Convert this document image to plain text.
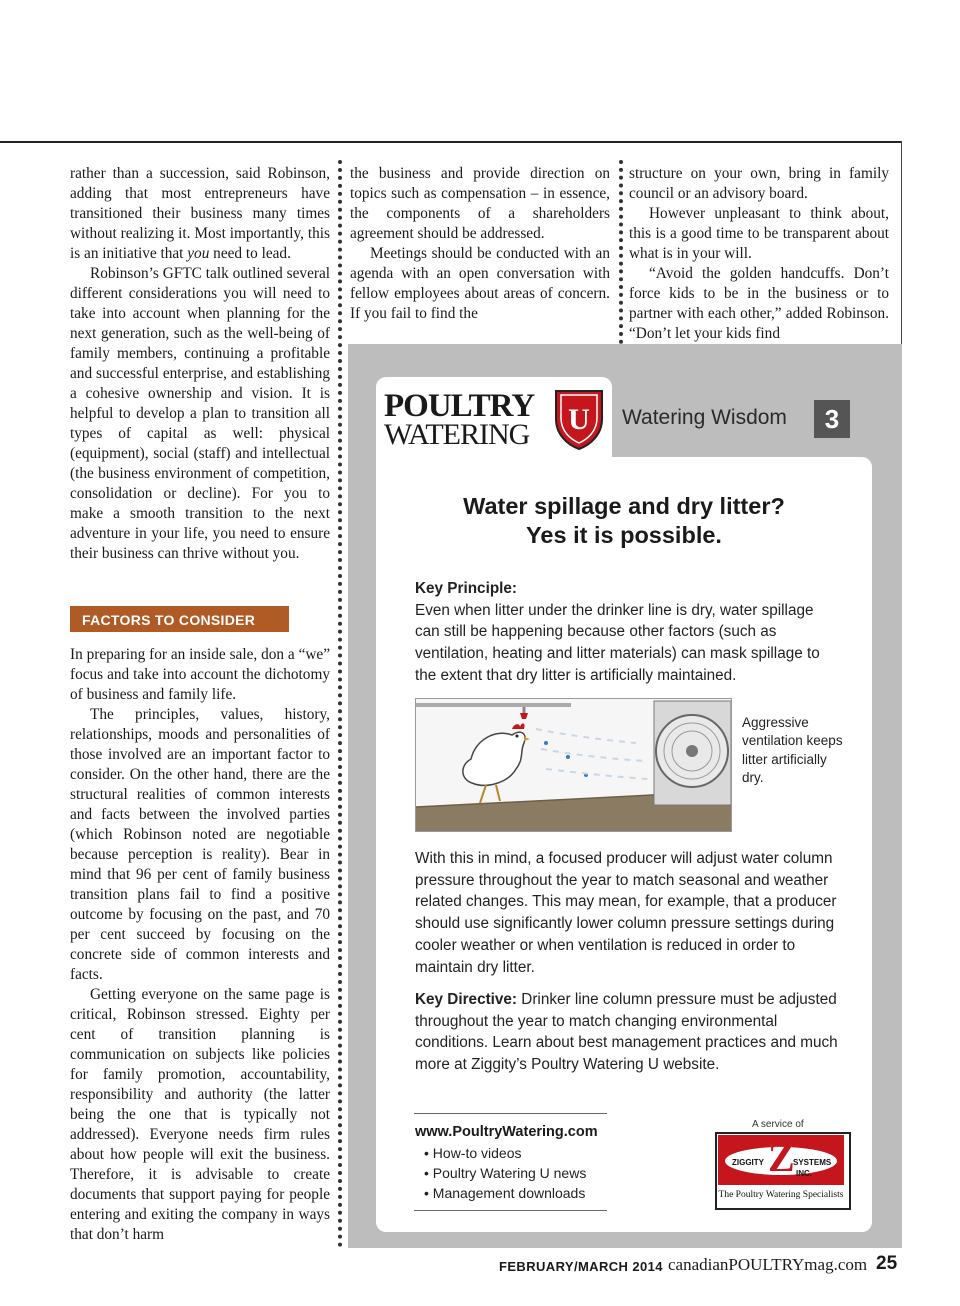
rather than a succession, said Robinson, adding that most entrepreneurs have transitioned their business many times without realizing it. Most importantly, this is an initiative that you need to lead.

Robinson’s GFTC talk outlined several different considerations you will need to take into account when planning for the next generation, such as the well-being of family members, continuing a profitable and successful enterprise, and establishing a cohesive ownership and vision. It is helpful to develop a plan to transition all types of capital as well: physical (equipment), social (staff) and intellectual (the business environment of competition, consolidation or decline). For you to make a smooth transition to the next adventure in your life, you need to ensure their business can thrive without you.

FACTORS TO CONSIDER

In preparing for an inside sale, don a “we” focus and take into account the dichotomy of business and family life.

The principles, values, history, relationships, moods and personalities of those involved are an important factor to consider. On the other hand, there are the structural realities of common interests and facts between the involved parties (which Robinson noted are negotiable because perception is reality). Bear in mind that 96 per cent of family business transition plans fail to find a positive outcome by focusing on the past, and 70 per cent succeed by focusing on the concrete side of common interests and facts.

Getting everyone on the same page is critical, Robinson stressed. Eighty per cent of transition planning is communication on subjects like policies for family promotion, accountability, responsibility and authority (the latter being the one that is typically not addressed). Everyone needs firm rules about how people will exit the business. Therefore, it is advisable to create documents that support paying for people entering and exiting the company in ways that don’t harm

the business and provide direction on topics such as compensation – in essence, the components of a shareholders agreement should be addressed.

Meetings should be conducted with an agenda with an open conversation with fellow employees about areas of concern. If you fail to find the

structure on your own, bring in family council or an advisory board.

However unpleasant to think about, this is a good time to be transparent about what is in your will.

“Avoid the golden handcuffs. Don’t force kids to be in the business or to partner with each other,” added Robinson. “Don’t let your kids find

POULTRY
WATERING U Watering Wisdom	3
Water spillage and dry litter?
Yes it is possible.
Key Principle:
Even when litter under the drinker line is dry, water spillage can still be happening because other factors (such as ventilation, heating and litter materials) can mask spillage to the extent that dry litter is artificially maintained.
Aggressive ventilation keeps litter artificially dry.
With this in mind, a focused producer will adjust water column pressure throughout the year to match seasonal and weather related changes. This may mean, for example, that a producer should use significantly lower column pressure settings during cooler weather or when ventilation is reduced in order to maintain dry litter.
Key Directive: Drinker line column pressure must be adjusted throughout the year to match changing environmental conditions. Learn about best management practices and much more at Ziggity’s Poultry Watering U website.
www.PoultryWatering.com
• How-to videos
• Poultry Watering U news
• Management downloads
A service of
ZIGGITY Z
SYSTEMS
INC.
The Poultry Watering Specialists
FEBRUARY/MARCH 2014 canadianPOULTRYmag.com 25
